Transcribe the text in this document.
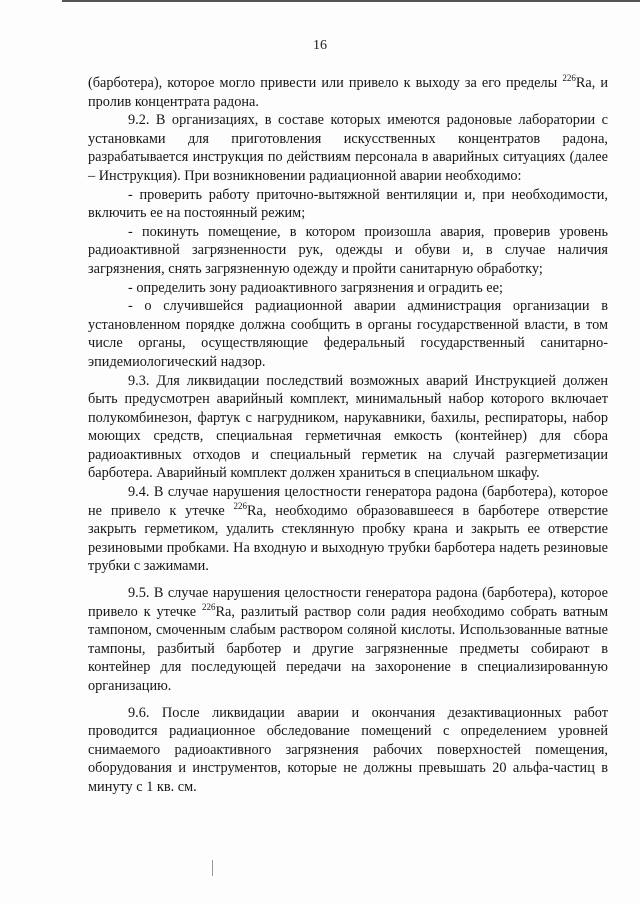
16

(барботера), которое могло привести или привело к выходу за его пределы $^{226}$Ra, и пролив концентрата радона.

9.2. В организациях, в составе которых имеются радоновые лаборатории с установками для приготовления искусственных концентратов радона, разрабатывается инструкция по действиям персонала в аварийных ситуациях (далее – Инструкция). При возникновении радиационной аварии необходимо:

- проверить работу приточно-вытяжной вентиляции и, при необходимости, включить ее на постоянный режим;

- покинуть помещение, в котором произошла авария, проверив уровень радиоактивной загрязненности рук, одежды и обуви и, в случае наличия загрязнения, снять загрязненную одежду и пройти санитарную обработку;

- определить зону радиоактивного загрязнения и оградить ее;

- о случившейся радиационной аварии администрация организации в установленном порядке должна сообщить в органы государственной власти, в том числе органы, осуществляющие федеральный государственный санитарно-эпидемиологический надзор.

9.3. Для ликвидации последствий возможных аварий Инструкцией должен быть предусмотрен аварийный комплект, минимальный набор которого включает полукомбинезон, фартук с нагрудником, нарукавники, бахилы, респираторы, набор моющих средств, специальная герметичная емкость (контейнер) для сбора радиоактивных отходов и специальный герметик на случай разгерметизации барботера. Аварийный комплект должен храниться в специальном шкафу.

9.4. В случае нарушения целостности генератора радона (барботера), которое не привело к утечке $^{226}$Ra, необходимо образовавшееся в барботере отверстие закрыть герметиком, удалить стеклянную пробку крана и закрыть ее отверстие резиновыми пробками. На входную и выходную трубки барботера надеть резиновые трубки с зажимами.

9.5. В случае нарушения целостности генератора радона (барботера), которое привело к утечке $^{226}$Ra, разлитый раствор соли радия необходимо собрать ватным тампоном, смоченным слабым раствором соляной кислоты. Использованные ватные тампоны, разбитый барботер и другие загрязненные предметы собирают в контейнер для последующей передачи на захоронение в специализированную организацию.

9.6. После ликвидации аварии и окончания дезактивационных работ проводится радиационное обследование помещений с определением уровней снимаемого радиоактивного загрязнения рабочих поверхностей помещения, оборудования и инструментов, которые не должны превышать 20 альфа-частиц в минуту с 1 кв. см.
